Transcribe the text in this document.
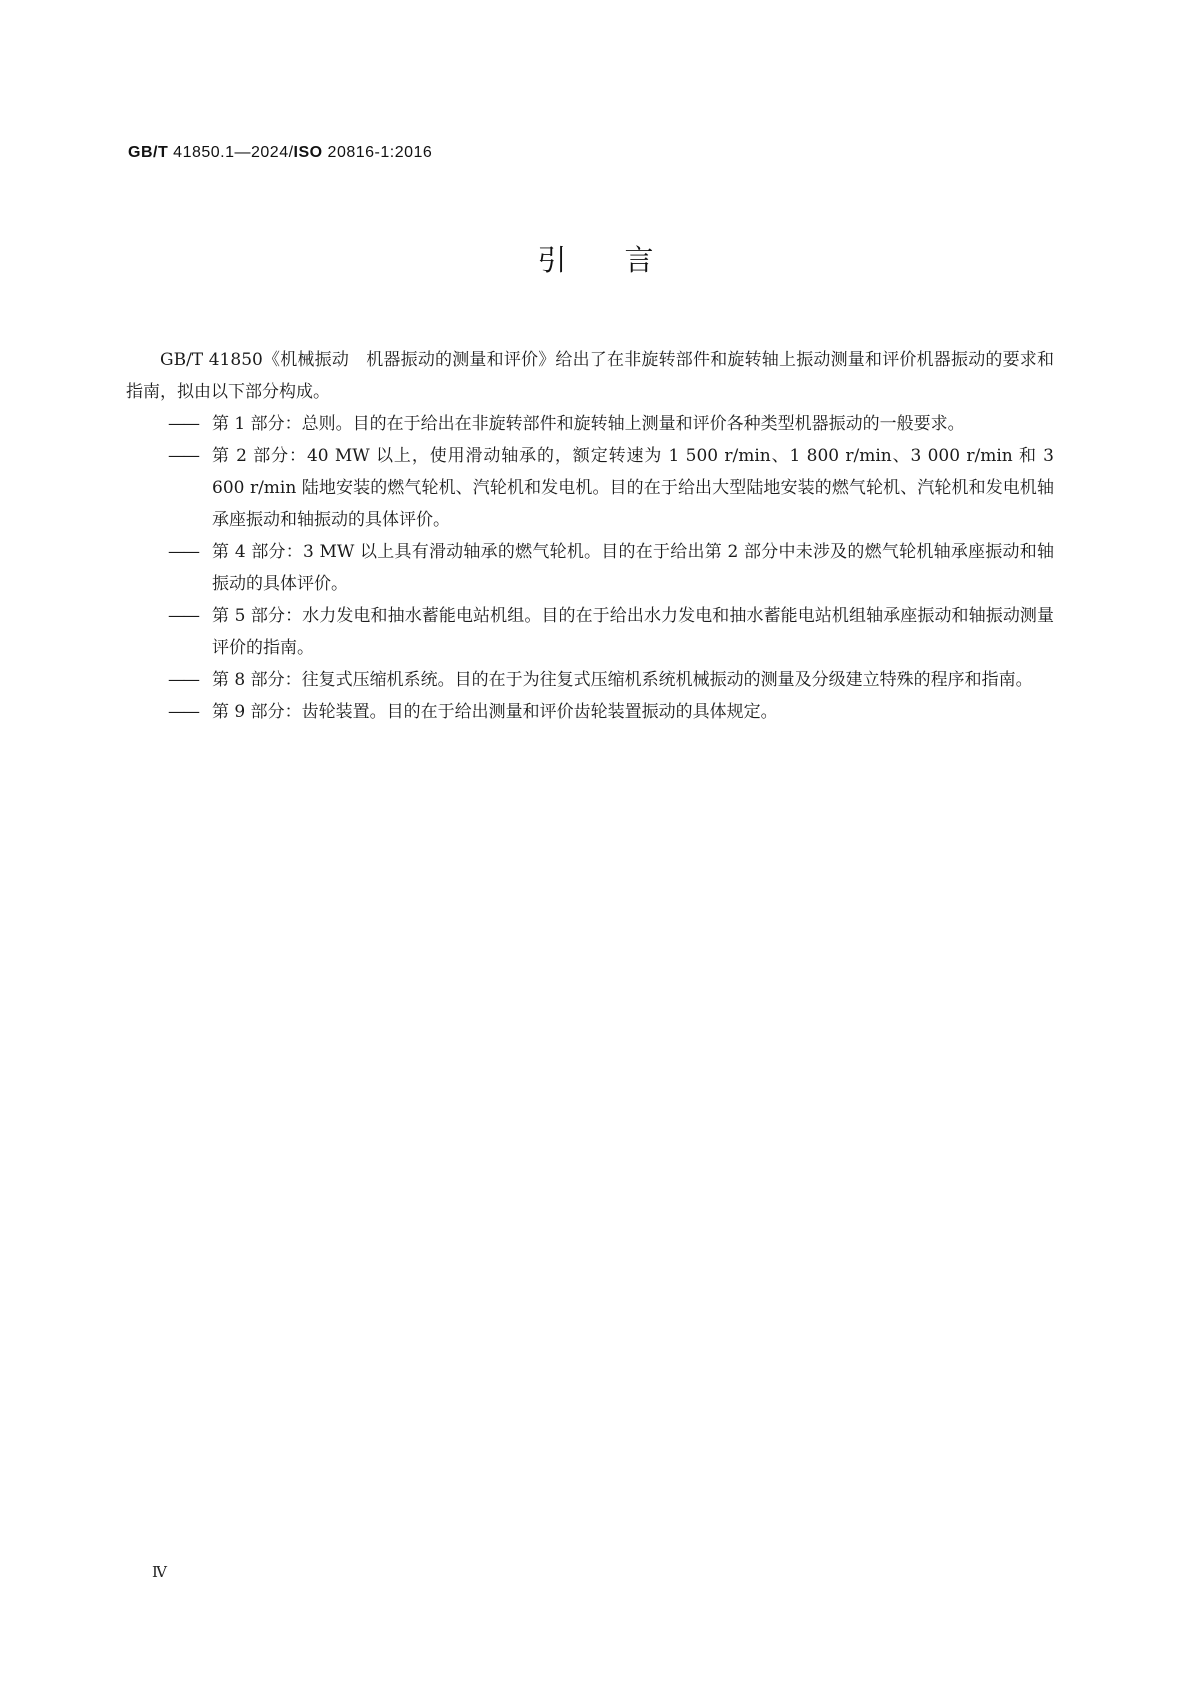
GB/T 41850.1—2024/ISO 20816-1:2016
引言

GB/T 41850《机械振动　机器振动的测量和评价》给出了在非旋转部件和旋转轴上振动测量和评价机器振动的要求和指南，拟由以下部分构成。

—— 第 1 部分：总则。目的在于给出在非旋转部件和旋转轴上测量和评价各种类型机器振动的一般要求。
—— 第 2 部分：40 MW 以上，使用滑动轴承的，额定转速为 1 500 r/min、1 800 r/min、3 000 r/min 和 3 600 r/min 陆地安装的燃气轮机、汽轮机和发电机。目的在于给出大型陆地安装的燃气轮机、汽轮机和发电机轴承座振动和轴振动的具体评价。
—— 第 4 部分：3 MW 以上具有滑动轴承的燃气轮机。目的在于给出第 2 部分中未涉及的燃气轮机轴承座振动和轴振动的具体评价。
—— 第 5 部分：水力发电和抽水蓄能电站机组。目的在于给出水力发电和抽水蓄能电站机组轴承座振动和轴振动测量评价的指南。
—— 第 8 部分：往复式压缩机系统。目的在于为往复式压缩机系统机械振动的测量及分级建立特殊的程序和指南。
—— 第 9 部分：齿轮装置。目的在于给出测量和评价齿轮装置振动的具体规定。
Ⅳ
